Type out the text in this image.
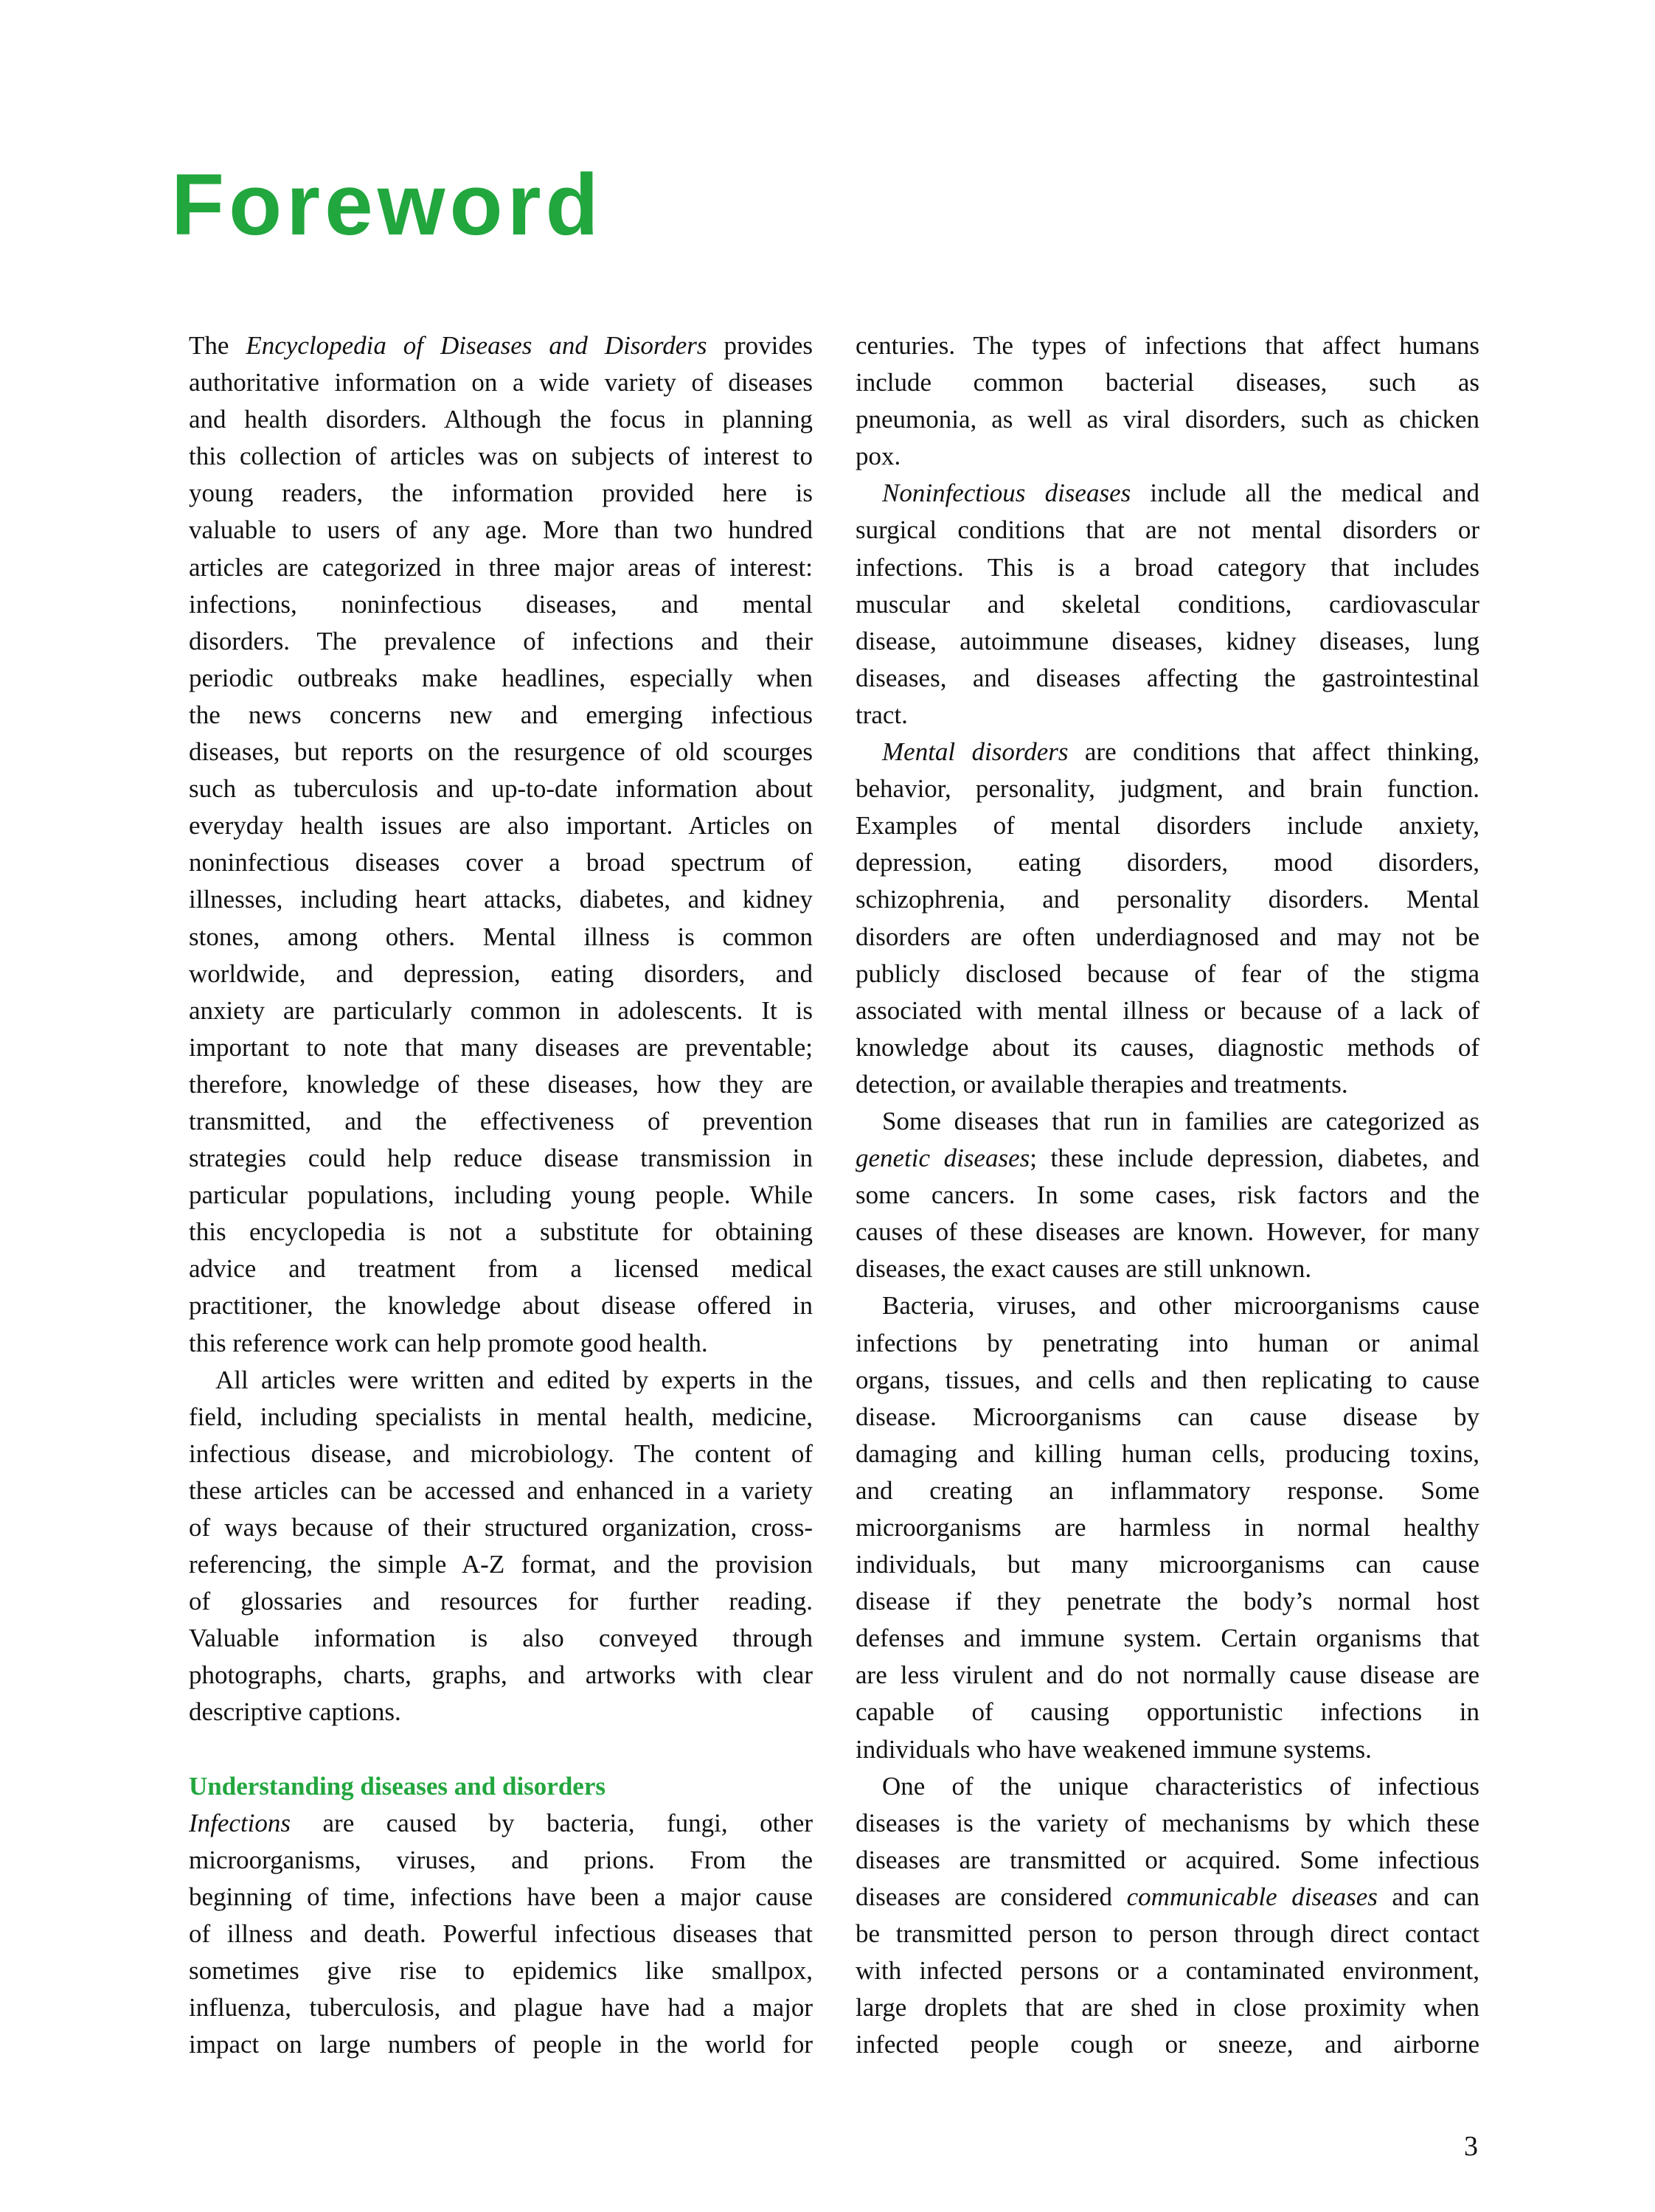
Foreword
The Encyclopedia of Diseases and Disorders provides
authoritative information on a wide variety of diseases
and health disorders. Although the focus in planning
this collection of articles was on subjects of interest to
young readers, the information provided here is
valuable to users of any age. More than two hundred
articles are categorized in three major areas of interest:
infections, noninfectious diseases, and mental
disorders. The prevalence of infections and their
periodic outbreaks make headlines, especially when
the news concerns new and emerging infectious
diseases, but reports on the resurgence of old scourges
such as tuberculosis and up-to-date information about
everyday health issues are also important. Articles on
noninfectious diseases cover a broad spectrum of
illnesses, including heart attacks, diabetes, and kidney
stones, among others. Mental illness is common
worldwide, and depression, eating disorders, and
anxiety are particularly common in adolescents. It is
important to note that many diseases are preventable;
therefore, knowledge of these diseases, how they are
transmitted, and the effectiveness of prevention
strategies could help reduce disease transmission in
particular populations, including young people. While
this encyclopedia is not a substitute for obtaining
advice and treatment from a licensed medical
practitioner, the knowledge about disease offered in
this reference work can help promote good health.
All articles were written and edited by experts in the
field, including specialists in mental health, medicine,
infectious disease, and microbiology. The content of
these articles can be accessed and enhanced in a variety
of ways because of their structured organization, cross-
referencing, the simple A-Z format, and the provision
of glossaries and resources for further reading.
Valuable information is also conveyed through
photographs, charts, graphs, and artworks with clear
descriptive captions.
Understanding diseases and disorders
Infections are caused by bacteria, fungi, other
microorganisms, viruses, and prions. From the
beginning of time, infections have been a major cause
of illness and death. Powerful infectious diseases that
sometimes give rise to epidemics like smallpox,
influenza, tuberculosis, and plague have had a major
impact on large numbers of people in the world for
centuries. The types of infections that affect humans
include common bacterial diseases, such as
pneumonia, as well as viral disorders, such as chicken
pox.
Noninfectious diseases include all the medical and
surgical conditions that are not mental disorders or
infections. This is a broad category that includes
muscular and skeletal conditions, cardiovascular
disease, autoimmune diseases, kidney diseases, lung
diseases, and diseases affecting the gastrointestinal
tract.
Mental disorders are conditions that affect thinking,
behavior, personality, judgment, and brain function.
Examples of mental disorders include anxiety,
depression, eating disorders, mood disorders,
schizophrenia, and personality disorders. Mental
disorders are often underdiagnosed and may not be
publicly disclosed because of fear of the stigma
associated with mental illness or because of a lack of
knowledge about its causes, diagnostic methods of
detection, or available therapies and treatments.
Some diseases that run in families are categorized as
genetic diseases; these include depression, diabetes, and
some cancers. In some cases, risk factors and the
causes of these diseases are known. However, for many
diseases, the exact causes are still unknown.
Bacteria, viruses, and other microorganisms cause
infections by penetrating into human or animal
organs, tissues, and cells and then replicating to cause
disease. Microorganisms can cause disease by
damaging and killing human cells, producing toxins,
and creating an inflammatory response. Some
microorganisms are harmless in normal healthy
individuals, but many microorganisms can cause
disease if they penetrate the body’s normal host
defenses and immune system. Certain organisms that
are less virulent and do not normally cause disease are
capable of causing opportunistic infections in
individuals who have weakened immune systems.
One of the unique characteristics of infectious
diseases is the variety of mechanisms by which these
diseases are transmitted or acquired. Some infectious
diseases are considered communicable diseases and can
be transmitted person to person through direct contact
with infected persons or a contaminated environment,
large droplets that are shed in close proximity when
infected people cough or sneeze, and airborne
3
